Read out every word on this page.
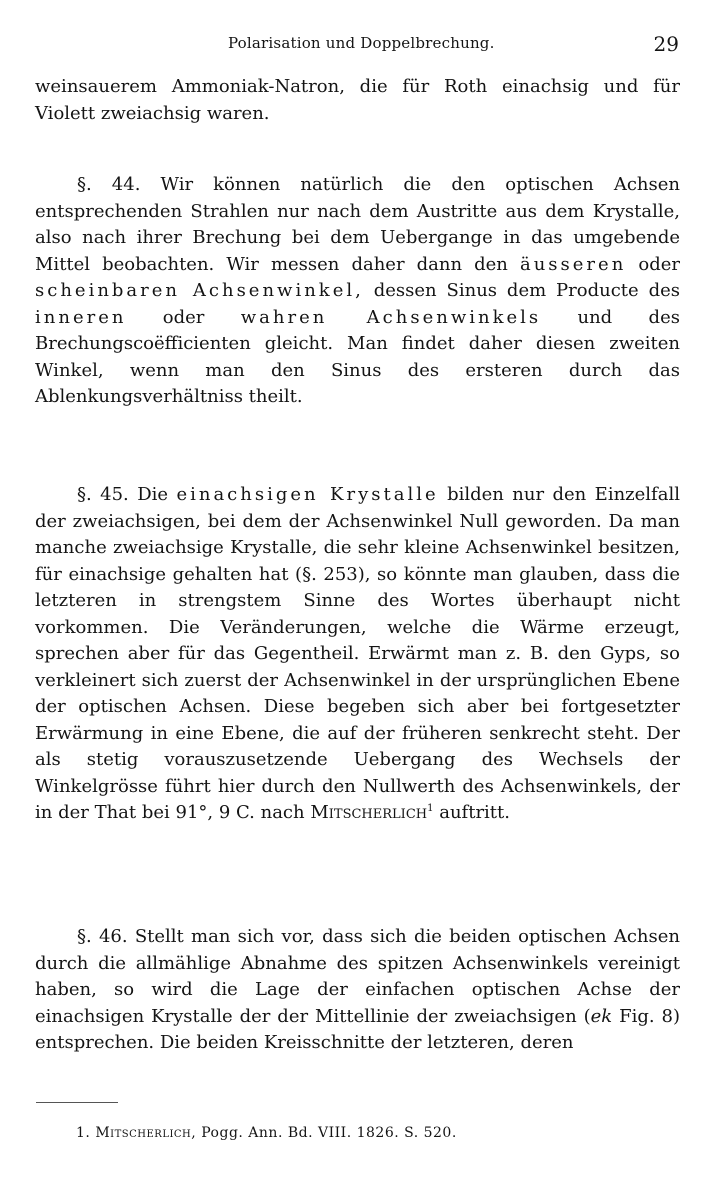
Polarisation und Doppelbrechung.	29

weinsauerem Ammoniak-Natron, die für Roth einachsig und für Violett zweiachsig waren.

§. 44. Wir können natürlich die den optischen Achsen entsprechenden Strahlen nur nach dem Austritte aus dem Krystalle, also nach ihrer Brechung bei dem Uebergange in das umgebende Mittel beobachten. Wir messen daher dann den äusseren oder scheinbaren Achsenwinkel, dessen Sinus dem Producte des inneren oder wahren Achsenwinkels und des Brechungscoëfficienten gleicht. Man findet daher diesen zweiten Winkel, wenn man den Sinus des ersteren durch das Ablenkungsverhältniss theilt.

§. 45. Die einachsigen Krystalle bilden nur den Einzelfall der zweiachsigen, bei dem der Achsenwinkel Null geworden. Da man manche zweiachsige Krystalle, die sehr kleine Achsenwinkel besitzen, für einachsige gehalten hat (§. 253), so könnte man glauben, dass die letzteren in strengstem Sinne des Wortes überhaupt nicht vorkommen. Die Veränderungen, welche die Wärme erzeugt, sprechen aber für das Gegentheil. Erwärmt man z. B. den Gyps, so verkleinert sich zuerst der Achsenwinkel in der ursprünglichen Ebene der optischen Achsen. Diese begeben sich aber bei fortgesetzter Erwärmung in eine Ebene, die auf der früheren senkrecht steht. Der als stetig vorauszusetzende Uebergang des Wechsels der Winkelgrösse führt hier durch den Nullwerth des Achsenwinkels, der in der That bei 91°, 9 C. nach Mitscherlich$^1$ auftritt.

§. 46. Stellt man sich vor, dass sich die beiden optischen Achsen durch die allmählige Abnahme des spitzen Achsenwinkels vereinigt haben, so wird die Lage der einfachen optischen Achse der einachsigen Krystalle der der Mittellinie der zweiachsigen (ek Fig. 8) entsprechen. Die beiden Kreisschnitte der letzteren, deren

1. Mitscherlich, Pogg. Ann. Bd. VIII. 1826. S. 520.
